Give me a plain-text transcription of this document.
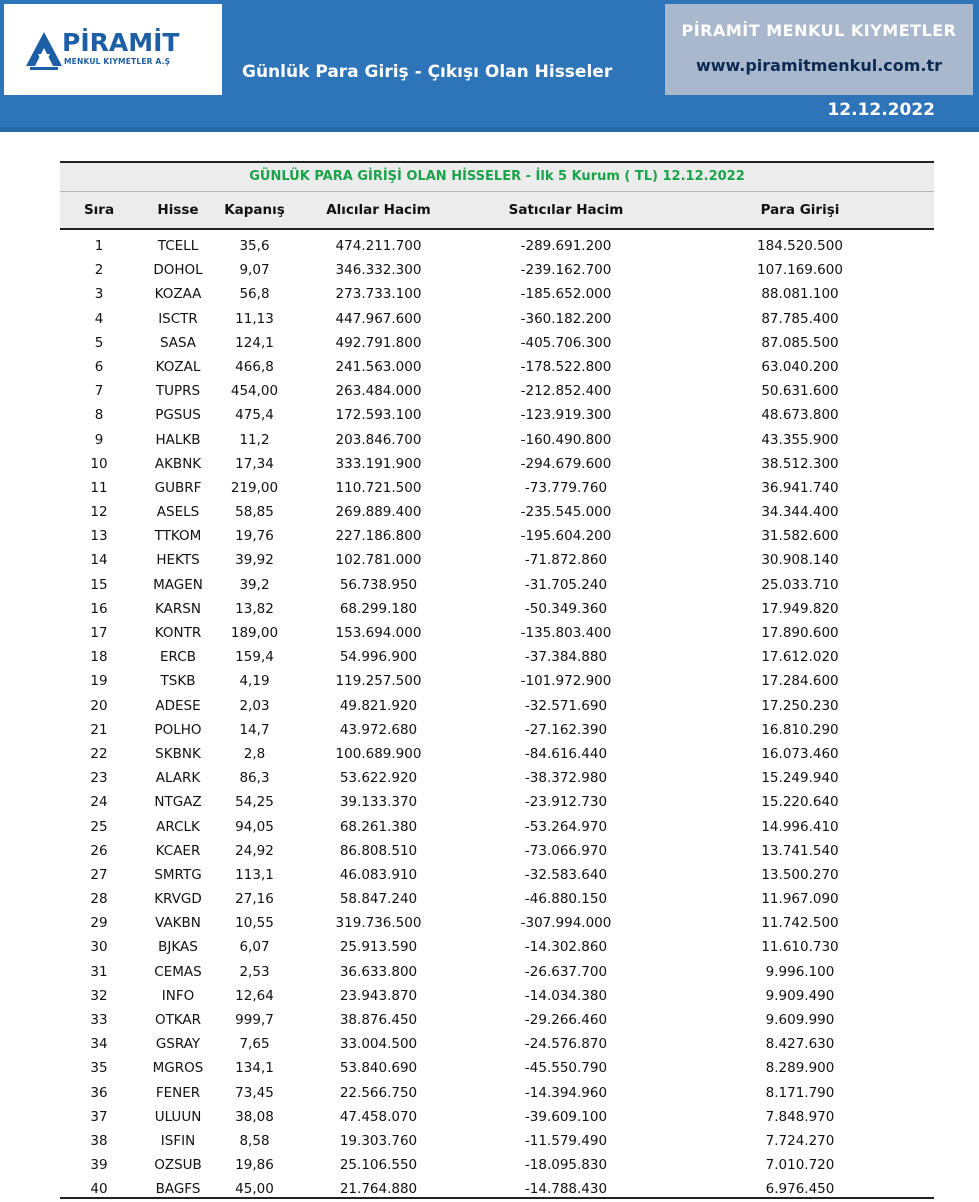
PİRAMİT
MENKUL KIYMETLER A.Ş
Günlük Para Giriş - Çıkışı Olan Hisseler
PİRAMİT MENKUL KIYMETLER
www.piramitmenkul.com.tr
12.12.2022
GÜNLÜK PARA GİRİŞİ OLAN HİSSELER - İlk 5 Kurum ( TL) 12.12.2022
Sıra	Hisse	Kapanış	Alıcılar Hacim	Satıcılar Hacim	Para Girişi
1	TCELL	35,6	474.211.700	-289.691.200	184.520.500
2	DOHOL	9,07	346.332.300	-239.162.700	107.169.600
3	KOZAA	56,8	273.733.100	-185.652.000	88.081.100
4	ISCTR	11,13	447.967.600	-360.182.200	87.785.400
5	SASA	124,1	492.791.800	-405.706.300	87.085.500
6	KOZAL	466,8	241.563.000	-178.522.800	63.040.200
7	TUPRS	454,00	263.484.000	-212.852.400	50.631.600
8	PGSUS	475,4	172.593.100	-123.919.300	48.673.800
9	HALKB	11,2	203.846.700	-160.490.800	43.355.900
10	AKBNK	17,34	333.191.900	-294.679.600	38.512.300
11	GUBRF	219,00	110.721.500	-73.779.760	36.941.740
12	ASELS	58,85	269.889.400	-235.545.000	34.344.400
13	TTKOM	19,76	227.186.800	-195.604.200	31.582.600
14	HEKTS	39,92	102.781.000	-71.872.860	30.908.140
15	MAGEN	39,2	56.738.950	-31.705.240	25.033.710
16	KARSN	13,82	68.299.180	-50.349.360	17.949.820
17	KONTR	189,00	153.694.000	-135.803.400	17.890.600
18	ERCB	159,4	54.996.900	-37.384.880	17.612.020
19	TSKB	4,19	119.257.500	-101.972.900	17.284.600
20	ADESE	2,03	49.821.920	-32.571.690	17.250.230
21	POLHO	14,7	43.972.680	-27.162.390	16.810.290
22	SKBNK	2,8	100.689.900	-84.616.440	16.073.460
23	ALARK	86,3	53.622.920	-38.372.980	15.249.940
24	NTGAZ	54,25	39.133.370	-23.912.730	15.220.640
25	ARCLK	94,05	68.261.380	-53.264.970	14.996.410
26	KCAER	24,92	86.808.510	-73.066.970	13.741.540
27	SMRTG	113,1	46.083.910	-32.583.640	13.500.270
28	KRVGD	27,16	58.847.240	-46.880.150	11.967.090
29	VAKBN	10,55	319.736.500	-307.994.000	11.742.500
30	BJKAS	6,07	25.913.590	-14.302.860	11.610.730
31	CEMAS	2,53	36.633.800	-26.637.700	9.996.100
32	INFO	12,64	23.943.870	-14.034.380	9.909.490
33	OTKAR	999,7	38.876.450	-29.266.460	9.609.990
34	GSRAY	7,65	33.004.500	-24.576.870	8.427.630
35	MGROS	134,1	53.840.690	-45.550.790	8.289.900
36	FENER	73,45	22.566.750	-14.394.960	8.171.790
37	ULUUN	38,08	47.458.070	-39.609.100	7.848.970
38	ISFIN	8,58	19.303.760	-11.579.490	7.724.270
39	OZSUB	19,86	25.106.550	-18.095.830	7.010.720
40	BAGFS	45,00	21.764.880	-14.788.430	6.976.450
